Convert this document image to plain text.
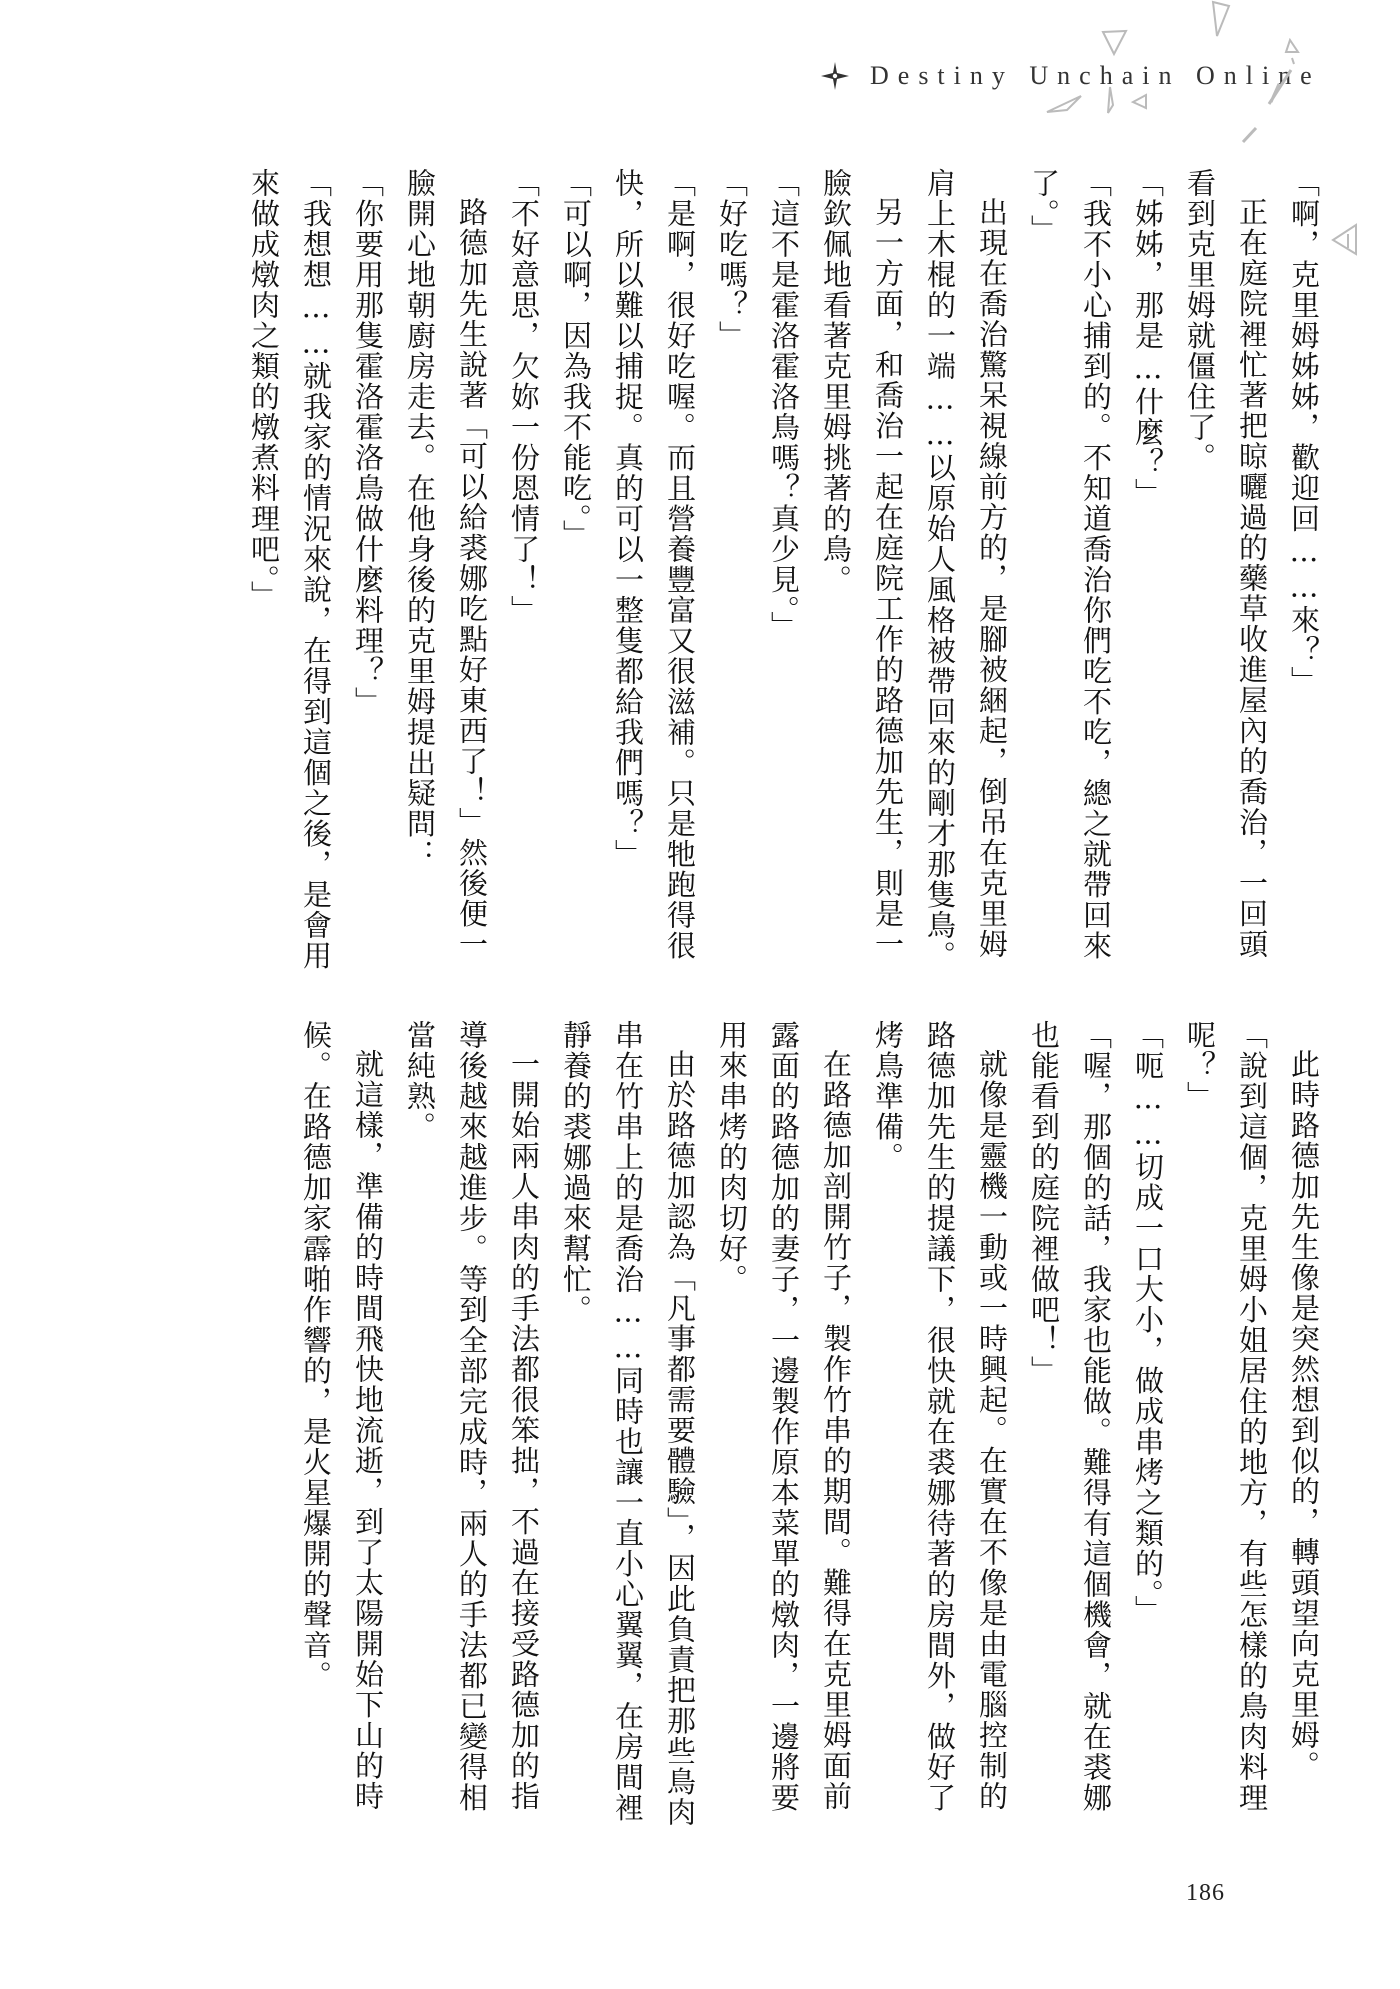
Destiny Unchain Online

「啊，克里姆姊姊，歡迎回……來？」

正在庭院裡忙著把晾曬過的藥草收進屋內的喬治，一回頭看到克里姆就僵住了。

「姊姊，那是…什麼？」

「我不小心捕到的。不知道喬治你們吃不吃，總之就帶回來了。」

出現在喬治驚呆視線前方的，是腳被綑起，倒吊在克里姆肩上木棍的一端……以原始人風格被帶回來的剛才那隻鳥。

另一方面，和喬治一起在庭院工作的路德加先生，則是一臉欽佩地看著克里姆挑著的鳥。

「這不是霍洛霍洛鳥嗎？真少見。」

「好吃嗎？」

「是啊，很好吃喔。而且營養豐富又很滋補。只是牠跑得很快，所以難以捕捉。真的可以一整隻都給我們嗎？」

「可以啊，因為我不能吃。」

「不好意思，欠妳一份恩情了！」

路德加先生說著「可以給裘娜吃點好東西了！」然後便一臉開心地朝廚房走去。在他身後的克里姆提出疑問：

「你要用那隻霍洛霍洛鳥做什麼料理？」

「我想想……就我家的情況來說，在得到這個之後，是會用來做成燉肉之類的燉煮料理吧。」

此時路德加先生像是突然想到似的，轉頭望向克里姆。

「說到這個，克里姆小姐居住的地方，有些怎樣的鳥肉料理呢？」

「呃……切成一口大小，做成串烤之類的。」

「喔，那個的話，我家也能做。難得有這個機會，就在裘娜也能看到的庭院裡做吧！」

就像是靈機一動或一時興起。在實在不像是由電腦控制的路德加先生的提議下，很快就在裘娜待著的房間外，做好了烤鳥準備。

在路德加剖開竹子，製作竹串的期間。難得在克里姆面前露面的路德加的妻子，一邊製作原本菜單的燉肉，一邊將要用來串烤的肉切好。

由於路德加認為「凡事都需要體驗」，因此負責把那些鳥肉串在竹串上的是喬治……同時也讓一直小心翼翼，在房間裡靜養的裘娜過來幫忙。

一開始兩人串肉的手法都很笨拙，不過在接受路德加的指導後越來越進步。等到全部完成時，兩人的手法都已變得相當純熟。

就這樣，準備的時間飛快地流逝，到了太陽開始下山的時候。在路德加家霹啪作響的，是火星爆開的聲音。

186
